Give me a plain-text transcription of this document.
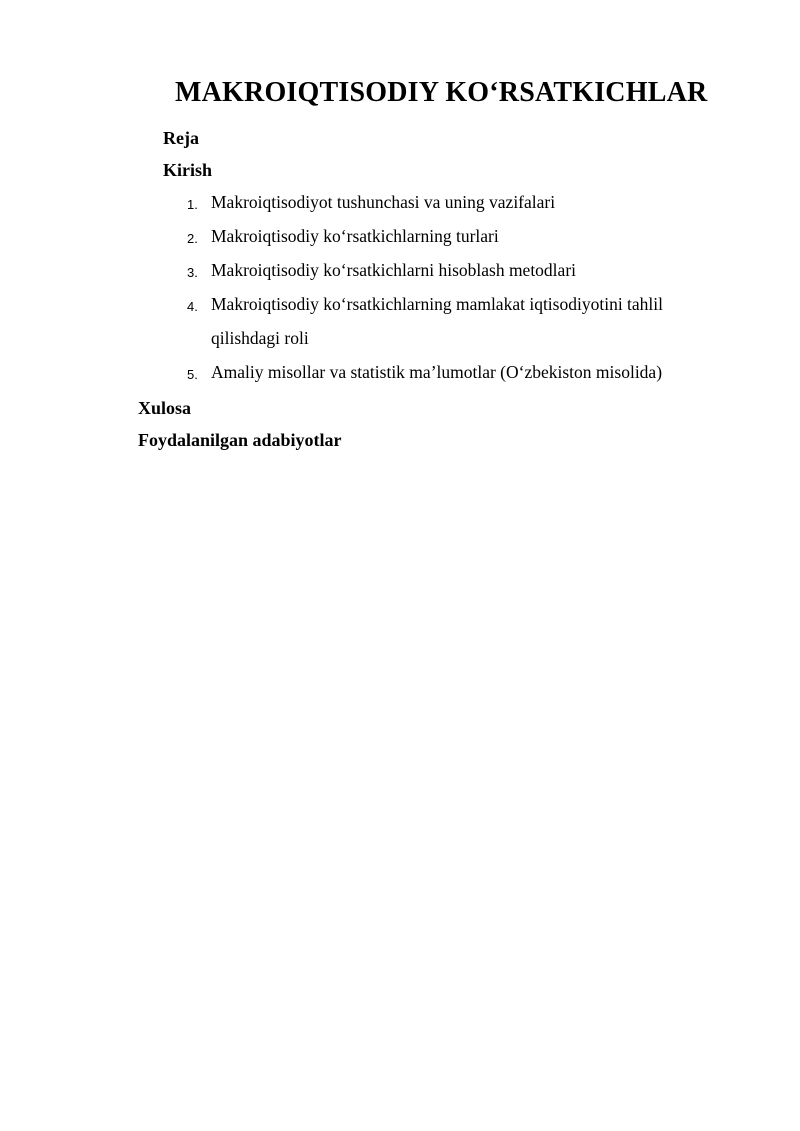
MAKROIQTISODIY KO‘RSATKICHLAR
Reja
Kirish
1. Makroiqtisodiyot tushunchasi va uning vazifalari
2. Makroiqtisodiy ko‘rsatkichlarning turlari
3. Makroiqtisodiy ko‘rsatkichlarni hisoblash metodlari
4. Makroiqtisodiy ko‘rsatkichlarning mamlakat iqtisodiyotini tahlil qilishdagi roli
5. Amaliy misollar va statistik ma’lumotlar (O‘zbekiston misolida)
Xulosa
Foydalanilgan adabiyotlar
